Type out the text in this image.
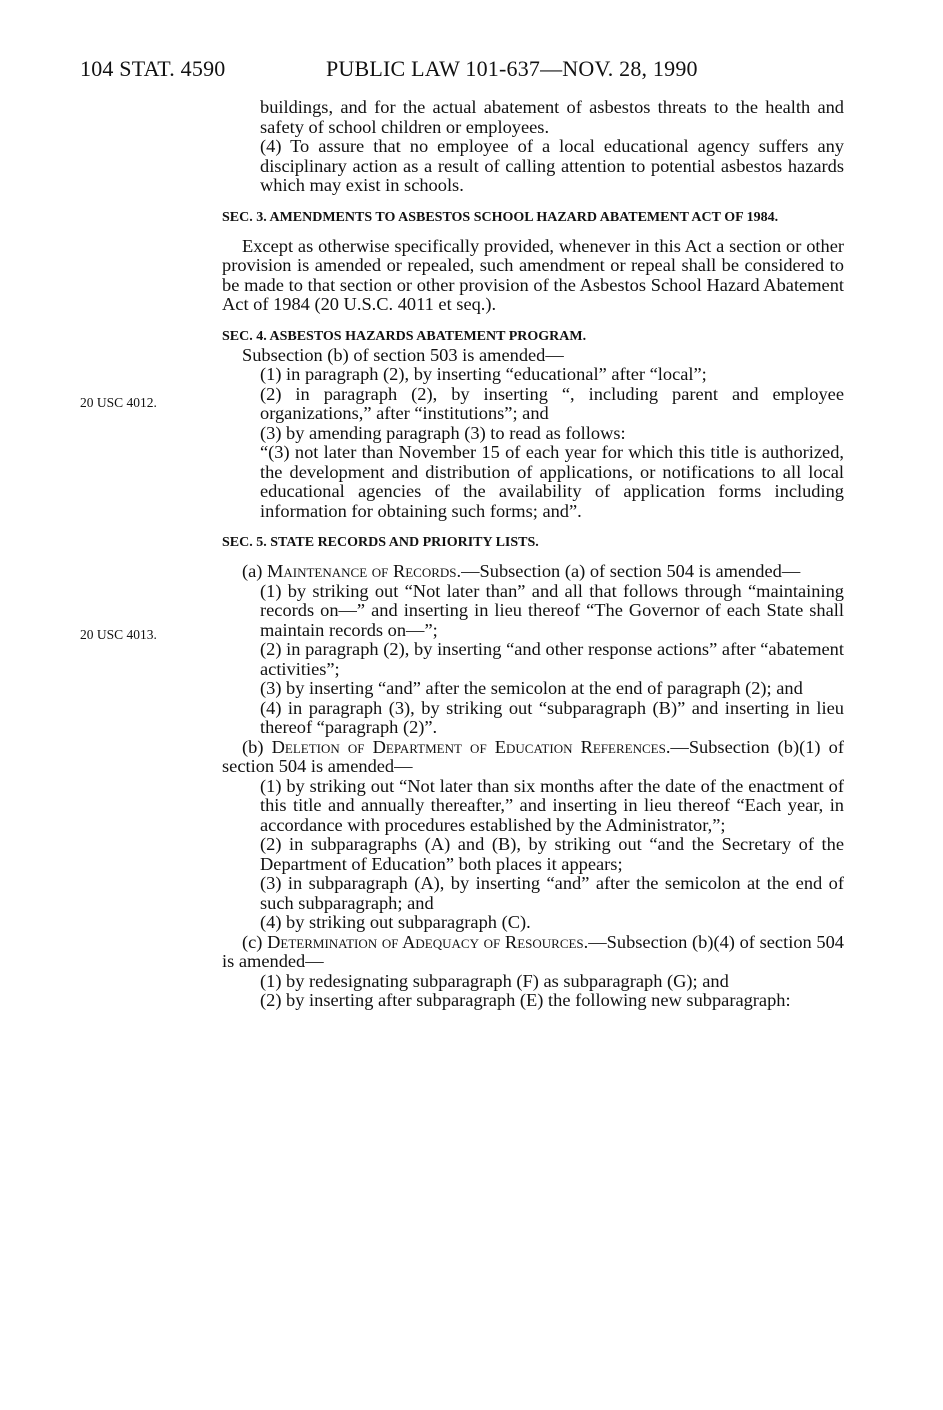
104 STAT. 4590	PUBLIC LAW 101-637—NOV. 28, 1990
20 USC 4012.
20 USC 4013.

buildings, and for the actual abatement of asbestos threats to the health and safety of school children or employees.

(4) To assure that no employee of a local educational agency suffers any disciplinary action as a result of calling attention to potential asbestos hazards which may exist in schools.

SEC. 3. AMENDMENTS TO ASBESTOS SCHOOL HAZARD ABATEMENT ACT OF 1984.

Except as otherwise specifically provided, whenever in this Act a section or other provision is amended or repealed, such amendment or repeal shall be considered to be made to that section or other provision of the Asbestos School Hazard Abatement Act of 1984 (20 U.S.C. 4011 et seq.).

SEC. 4. ASBESTOS HAZARDS ABATEMENT PROGRAM.

Subsection (b) of section 503 is amended—

(1) in paragraph (2), by inserting “educational” after “local”;

(2) in paragraph (2), by inserting “, including parent and employee organizations,” after “institutions”; and

(3) by amending paragraph (3) to read as follows:

“(3) not later than November 15 of each year for which this title is authorized, the development and distribution of applications, or notifications to all local educational agencies of the availability of application forms including information for obtaining such forms; and”.

SEC. 5. STATE RECORDS AND PRIORITY LISTS.

(a) Maintenance of Records.—Subsection (a) of section 504 is amended—

(1) by striking out “Not later than” and all that follows through “maintaining records on—” and inserting in lieu thereof “The Governor of each State shall maintain records on—”;

(2) in paragraph (2), by inserting “and other response actions” after “abatement activities”;

(3) by inserting “and” after the semicolon at the end of paragraph (2); and

(4) in paragraph (3), by striking out “subparagraph (B)” and inserting in lieu thereof “paragraph (2)”.

(b) Deletion of Department of Education References.—Subsection (b)(1) of section 504 is amended—

(1) by striking out “Not later than six months after the date of the enactment of this title and annually thereafter,” and inserting in lieu thereof “Each year, in accordance with procedures established by the Administrator,”;

(2) in subparagraphs (A) and (B), by striking out “and the Secretary of the Department of Education” both places it appears;

(3) in subparagraph (A), by inserting “and” after the semicolon at the end of such subparagraph; and

(4) by striking out subparagraph (C).

(c) Determination of Adequacy of Resources.—Subsection (b)(4) of section 504 is amended—

(1) by redesignating subparagraph (F) as subparagraph (G); and

(2) by inserting after subparagraph (E) the following new subparagraph:
